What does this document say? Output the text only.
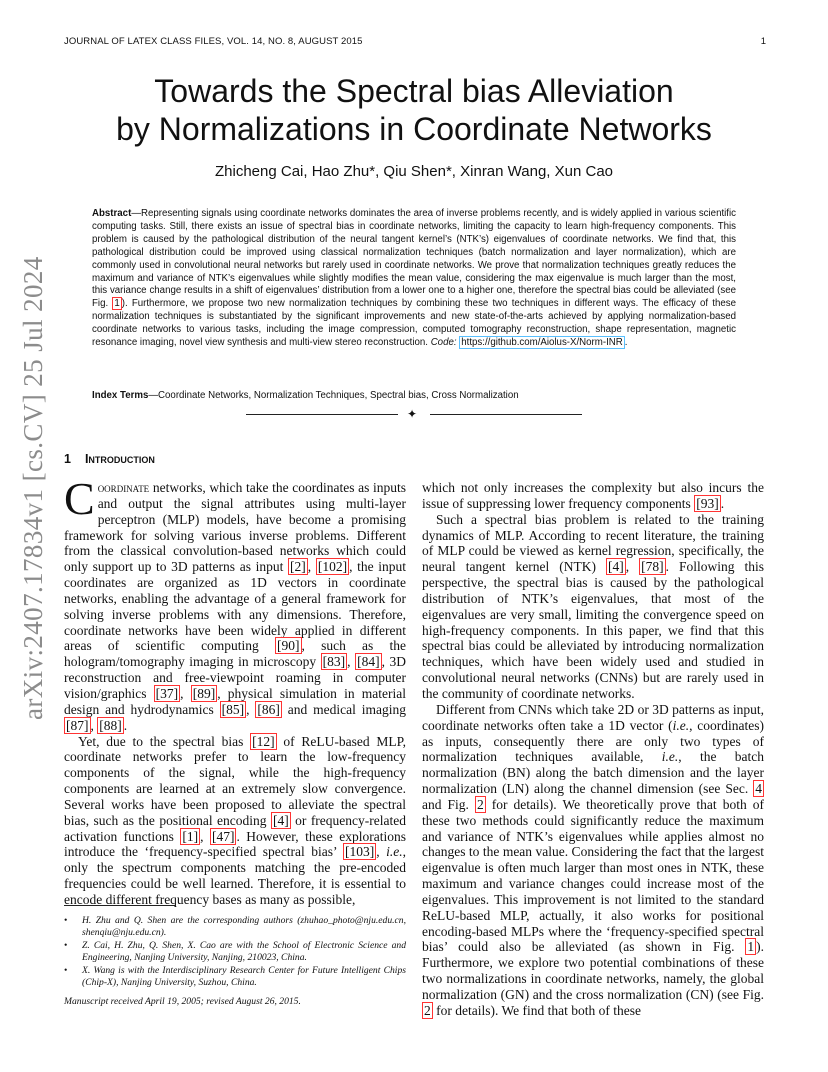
JOURNAL OF LATEX CLASS FILES, VOL. 14, NO. 8, AUGUST 2015	1
arXiv:2407.17834v1 [cs.CV] 25 Jul 2024
Towards the Spectral bias Alleviation
by Normalizations in Coordinate Networks
Zhicheng Cai, Hao Zhu*, Qiu Shen*, Xinran Wang, Xun Cao
Abstract—Representing signals using coordinate networks dominates the area of inverse problems recently, and is widely applied in various scientific computing tasks. Still, there exists an issue of spectral bias in coordinate networks, limiting the capacity to learn high-frequency components. This problem is caused by the pathological distribution of the neural tangent kernel’s (NTK’s) eigenvalues of coordinate networks. We find that, this pathological distribution could be improved using classical normalization techniques (batch normalization and layer normalization), which are commonly used in convolutional neural networks but rarely used in coordinate networks. We prove that normalization techniques greatly reduces the maximum and variance of NTK’s eigenvalues while slightly modifies the mean value, considering the max eigenvalue is much larger than the most, this variance change results in a shift of eigenvalues’ distribution from a lower one to a higher one, therefore the spectral bias could be alleviated (see Fig. 1 ). Furthermore, we propose two new normalization techniques by combining these two techniques in different ways. The efficacy of these normalization techniques is substantiated by the significant improvements and new state-of-the-arts achieved by applying normalization-based coordinate networks to various tasks, including the image compression, computed tomography reconstruction, shape representation, magnetic resonance imaging, novel view synthesis and multi-view stereo reconstruction. Code: https://github.com/Aiolus-X/Norm-INR .
Index Terms—Coordinate Networks, Normalization Techniques, Spectral bias, Cross Normalization
✦
1 Introduction

Coordinate networks, which take the coordinates as inputs and output the signal attributes using multi-layer perceptron (MLP) models, have become a promising framework for solving various inverse problems. Different from the classical convolution-based networks which could only support up to 3D patterns as input [2] , [102] , the input coordinates are organized as 1D vectors in coordinate networks, enabling the advantage of a general framework for solving inverse problems with any dimensions. Therefore, coordinate networks have been widely applied in different areas of scientific computing [90] , such as the hologram/tomography imaging in microscopy [83] , [84] , 3D reconstruction and free-viewpoint roaming in computer vision/graphics [37] , [89] , physical simulation in material design and hydrodynamics [85] , [86] and medical imaging [87] , [88] .

Yet, due to the spectral bias [12] of ReLU-based MLP, coordinate networks prefer to learn the low-frequency components of the signal, while the high-frequency components are learned at an extremely slow convergence. Several works have been proposed to alleviate the spectral bias, such as the positional encoding [4] or frequency-related activation functions [1] , [47] . However, these explorations introduce the ‘frequency-specified spectral bias’ [103] , i.e., only the spectrum components matching the pre-encoded frequencies could be well learned. Therefore, it is essential to encode different frequency bases as many as possible,

which not only increases the complexity but also incurs the issue of suppressing lower frequency components [93] .

Such a spectral bias problem is related to the training dynamics of MLP. According to recent literature, the training of MLP could be viewed as kernel regression, specifically, the neural tangent kernel (NTK) [4] , [78] . Following this perspective, the spectral bias is caused by the pathological distribution of NTK’s eigenvalues, that most of the eigenvalues are very small, limiting the convergence speed on high-frequency components. In this paper, we find that this spectral bias could be alleviated by introducing normalization techniques, which have been widely used and studied in convolutional neural networks (CNNs) but are rarely used in the community of coordinate networks.

Different from CNNs which take 2D or 3D patterns as input, coordinate networks often take a 1D vector (i.e., coordinates) as inputs, consequently there are only two types of normalization techniques available, i.e., the batch normalization (BN) along the batch dimension and the layer normalization (LN) along the channel dimension (see Sec. 4 and Fig. 2 for details). We theoretically prove that both of these two methods could significantly reduce the maximum and variance of NTK’s eigenvalues while applies almost no changes to the mean value. Considering the fact that the largest eigenvalue is often much larger than most ones in NTK, these maximum and variance changes could increase most of the eigenvalues. This improvement is not limited to the standard ReLU-based MLP, actually, it also works for positional encoding-based MLPs where the ‘frequency-specified spectral bias’ could also be alleviated (as shown in Fig. 1 ). Furthermore, we explore two potential combinations of these two normalizations in coordinate networks, namely, the global normalization (GN) and the cross normalization (CN) (see Fig. 2 for details). We find that both of these

• H. Zhu and Q. Shen are the corresponding authors (zhuhao_photo@nju.edu.cn, shenqiu@nju.edu.cn).
• Z. Cai, H. Zhu, Q. Shen, X. Cao are with the School of Electronic Science and Engineering, Nanjing University, Nanjing, 210023, China.
• X. Wang is with the Interdisciplinary Research Center for Future Intelligent Chips (Chip-X), Nanjing University, Suzhou, China.
Manuscript received April 19, 2005; revised August 26, 2015.
